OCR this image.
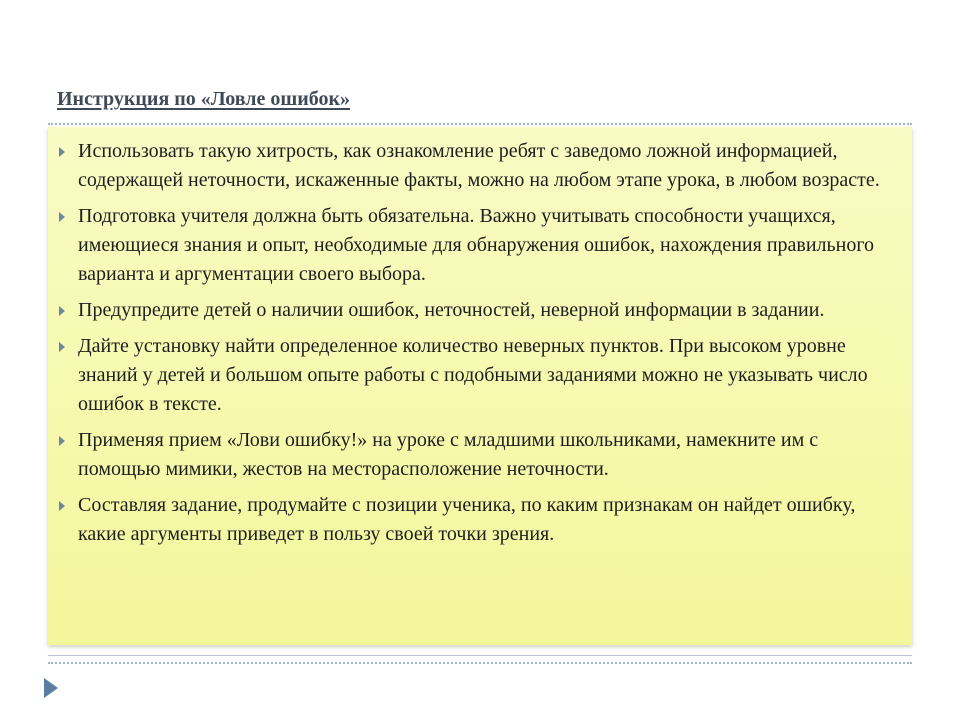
Инструкция по «Ловле ошибок»
Использовать такую хитрость, как ознакомление ребят с заведомо ложной информацией, содержащей неточности, искаженные факты, можно на любом этапе урока, в любом возрасте.
Подготовка учителя должна быть обязательна. Важно учитывать способности учащихся, имеющиеся знания и опыт, необходимые для обнаружения ошибок, нахождения правильного варианта и аргументации своего выбора.
Предупредите детей о наличии ошибок, неточностей, неверной информации в задании.
Дайте установку найти определенное количество неверных пунктов. При высоком уровне знаний у детей и большом опыте работы с подобными заданиями можно не указывать число ошибок в тексте.
Применяя прием «Лови ошибку!» на уроке с младшими школьниками, намекните им с помощью мимики, жестов на месторасположение неточности.
Составляя задание, продумайте с позиции ученика, по каким признакам он найдет ошибку, какие аргументы приведет в пользу своей точки зрения.
